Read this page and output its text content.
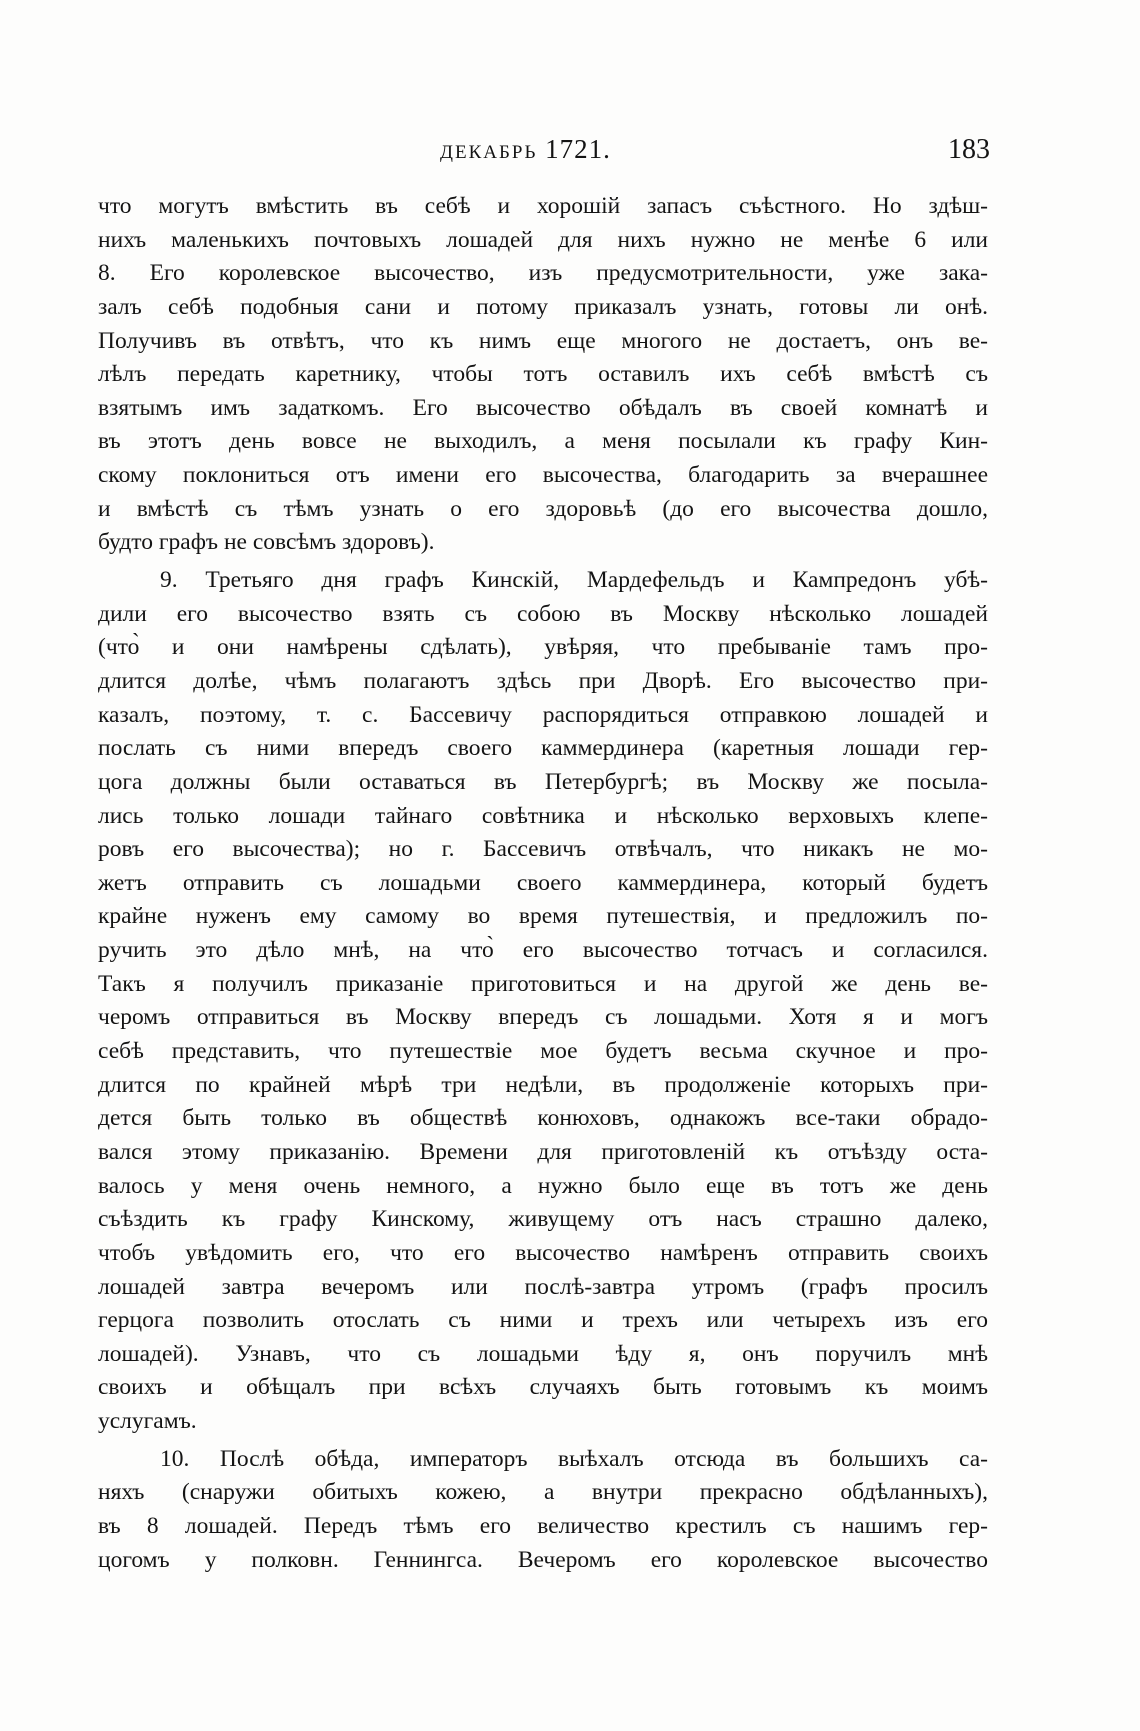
ДЕКАБРЬ 1721.	183
что могутъ вмѣстить въ себѣ и хорошій запасъ съѣстного. Но здѣш-
нихъ маленькихъ почтовыхъ лошадей для нихъ нужно не менѣе 6 или
8. Его королевское высочество, изъ предусмотрительности, уже зака-
залъ себѣ подобныя сани и потому приказалъ узнать, готовы ли онѣ.
Получивъ въ отвѣтъ, что къ нимъ еще многого не достаетъ, онъ ве-
лѣлъ передать каретнику, чтобы тотъ оставилъ ихъ себѣ вмѣстѣ съ
взятымъ имъ задаткомъ. Его высочество обѣдалъ въ своей комнатѣ и
въ этотъ день вовсе не выходилъ, а меня посылали къ графу Кин-
скому поклониться отъ имени его высочества, благодарить за вчерашнее
и вмѣстѣ съ тѣмъ узнать о его здоровьѣ (до его высочества дошло,
будто графъ не совсѣмъ здоровъ).
9. Третьяго дня графъ Кинскій, Мардефельдъ и Кампредонъ убѣ-
дили его высочество взять съ собою въ Москву нѣсколько лошадей
(что̀ и они намѣрены сдѣлать), увѣряя, что пребываніе тамъ про-
длится долѣе, чѣмъ полагаютъ здѣсь при Дворѣ. Его высочество при-
казалъ, поэтому, т. с. Бассевичу распорядиться отправкою лошадей и
послать съ ними впередъ своего каммердинера (каретныя лошади гер-
цога должны были оставаться въ Петербургѣ; въ Москву же посыла-
лись только лошади тайнаго совѣтника и нѣсколько верховыхъ клепе-
ровъ его высочества); но г. Бассевичъ отвѣчалъ, что никакъ не мо-
жетъ отправить съ лошадьми своего каммердинера, который будетъ
крайне нуженъ ему самому во время путешествія, и предложилъ по-
ручить это дѣло мнѣ, на что̀ его высочество тотчасъ и согласился.
Такъ я получилъ приказаніе приготовиться и на другой же день ве-
черомъ отправиться въ Москву впередъ съ лошадьми. Хотя я и могъ
себѣ представить, что путешествіе мое будетъ весьма скучное и про-
длится по крайней мѣрѣ три недѣли, въ продолженіе которыхъ при-
дется быть только въ обществѣ конюховъ, однакожъ все-таки обрадо-
вался этому приказанію. Времени для приготовленій къ отъѣзду оста-
валось у меня очень немного, а нужно было еще въ тотъ же день
съѣздить къ графу Кинскому, живущему отъ насъ страшно далеко,
чтобъ увѣдомить его, что его высочество намѣренъ отправить своихъ
лошадей завтра вечеромъ или послѣ-завтра утромъ (графъ просилъ
герцога позволить отослать съ ними и трехъ или четырехъ изъ его
лошадей). Узнавъ, что съ лошадьми ѣду я, онъ поручилъ мнѣ
своихъ и обѣщалъ при всѣхъ случаяхъ быть готовымъ къ моимъ
услугамъ.
10. Послѣ обѣда, императоръ выѣхалъ отсюда въ большихъ са-
няхъ (снаружи обитыхъ кожею, а внутри прекрасно обдѣланныхъ),
въ 8 лошадей. Передъ тѣмъ его величество крестилъ съ нашимъ гер-
цогомъ у полковн. Геннингса. Вечеромъ его королевское высочество
